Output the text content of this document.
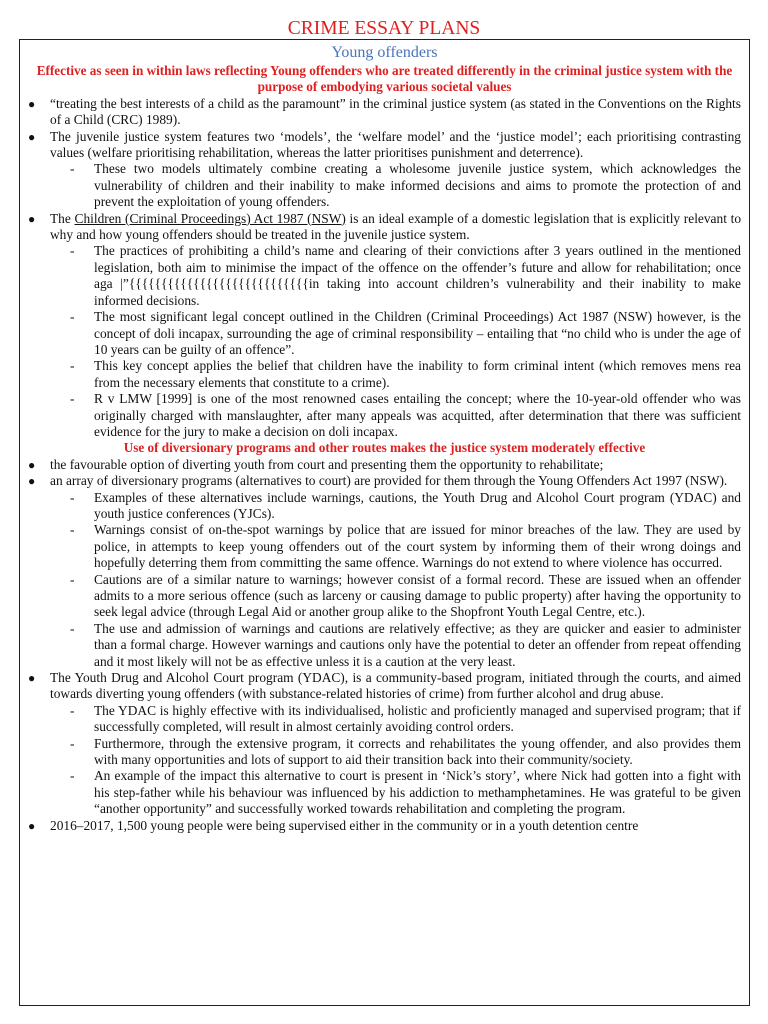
CRIME ESSAY PLANS
Young offenders
Effective as seen in within laws reflecting Young offenders who are treated differently in the criminal justice system with the purpose of embodying various societal values
●	“treating the best interests of a child as the paramount” in the criminal justice system (as stated in the Conventions on the Rights of a Child (CRC) 1989).
●	The juvenile justice system features two ‘models’, the ‘welfare model’ and the ‘justice model’; each prioritising contrasting values (welfare prioritising rehabilitation, whereas the latter prioritises punishment and deterrence).
- These two models ultimately combine creating a wholesome juvenile justice system, which acknowledges the vulnerability of children and their inability to make informed decisions and aims to promote the protection of and prevent the exploitation of young offenders.
●	The Children (Criminal Proceedings) Act 1987 (NSW) is an ideal example of a domestic legislation that is explicitly relevant to why and how young offenders should be treated in the juvenile justice system.
- The practices of prohibiting a child’s name and clearing of their convictions after 3 years outlined in the mentioned legislation, both aim to minimise the impact of the offence on the offender’s future and allow for rehabilitation; once aga |”{{{{{{{{{{{{{{{{{{{{{{{{{{{{in taking into account children’s vulnerability and their inability to make informed decisions.
- The most significant legal concept outlined in the Children (Criminal Proceedings) Act 1987 (NSW) however, is the concept of doli incapax, surrounding the age of criminal responsibility – entailing that “no child who is under the age of 10 years can be guilty of an offence”.
- This key concept applies the belief that children have the inability to form criminal intent (which removes mens rea from the necessary elements that constitute to a crime).
- R v LMW [1999] is one of the most renowned cases entailing the concept; where the 10-year-old offender who was originally charged with manslaughter, after many appeals was acquitted, after determination that there was sufficient evidence for the jury to make a decision on doli incapax.
Use of diversionary programs and other routes makes the justice system moderately effective
●	the favourable option of diverting youth from court and presenting them the opportunity to rehabilitate;
●	an array of diversionary programs (alternatives to court) are provided for them through the Young Offenders Act 1997 (NSW).
- Examples of these alternatives include warnings, cautions, the Youth Drug and Alcohol Court program (YDAC) and youth justice conferences (YJCs).
- Warnings consist of on-the-spot warnings by police that are issued for minor breaches of the law. They are used by police, in attempts to keep young offenders out of the court system by informing them of their wrong doings and hopefully deterring them from committing the same offence. Warnings do not extend to where violence has occurred.
- Cautions are of a similar nature to warnings; however consist of a formal record. These are issued when an offender admits to a more serious offence (such as larceny or causing damage to public property) after having the opportunity to seek legal advice (through Legal Aid or another group alike to the Shopfront Youth Legal Centre, etc.).
- The use and admission of warnings and cautions are relatively effective; as they are quicker and easier to administer than a formal charge. However warnings and cautions only have the potential to deter an offender from repeat offending and it most likely will not be as effective unless it is a caution at the very least.
●	The Youth Drug and Alcohol Court program (YDAC), is a community-based program, initiated through the courts, and aimed towards diverting young offenders (with substance-related histories of crime) from further alcohol and drug abuse.
- The YDAC is highly effective with its individualised, holistic and proficiently managed and supervised program; that if successfully completed, will result in almost certainly avoiding control orders.
- Furthermore, through the extensive program, it corrects and rehabilitates the young offender, and also provides them with many opportunities and lots of support to aid their transition back into their community/society.
- An example of the impact this alternative to court is present in ‘Nick’s story’, where Nick had gotten into a fight with his step-father while his behaviour was influenced by his addiction to methamphetamines. He was grateful to be given “another opportunity” and successfully worked towards rehabilitation and completing the program.
●	2016–2017, 1,500 young people were being supervised either in the community or in a youth detention centre
